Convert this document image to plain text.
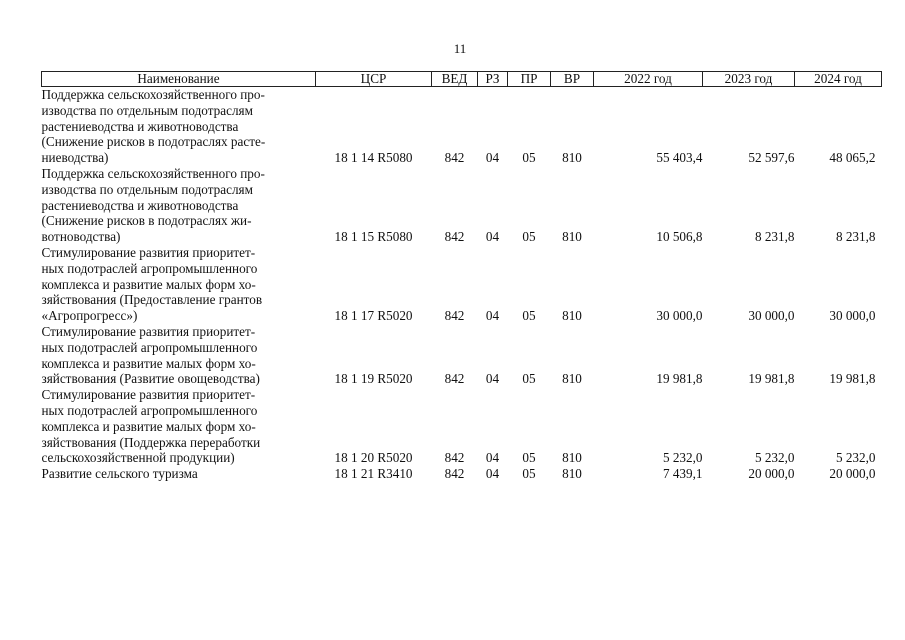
11
Наименование	ЦСР	ВЕД	РЗ	ПР	ВР	2022 год	2023 год	2024 год

Поддержка сельскохозяйственного про-
изводства по отдельным подотраслям
растениеводства и животноводства
(Снижение рисков в подотраслях расте-
ниеводства)	18 1 14 R5080	842	04	05	810	55 403,4	52 597,6	48 065,2

Поддержка сельскохозяйственного про-
изводства по отдельным подотраслям
растениеводства и животноводства
(Снижение рисков в подотраслях жи-
вотноводства)	18 1 15 R5080	842	04	05	810	10 506,8	8 231,8	8 231,8

Стимулирование развития приоритет-
ных подотраслей агропромышленного
комплекса и развитие малых форм хо-
зяйствования (Предоставление грантов
«Агропрогресс»)	18 1 17 R5020	842	04	05	810	30 000,0	30 000,0	30 000,0

Стимулирование развития приоритет-
ных подотраслей агропромышленного
комплекса и развитие малых форм хо-
зяйствования (Развитие овощеводства)	18 1 19 R5020	842	04	05	810	19 981,8	19 981,8	19 981,8

Стимулирование развития приоритет-
ных подотраслей агропромышленного
комплекса и развитие малых форм хо-
зяйствования (Поддержка переработки
сельскохозяйственной продукции)	18 1 20 R5020	842	04	05	810	5 232,0	5 232,0	5 232,0

Развитие сельского туризма	18 1 21 R3410	842	04	05	810	7 439,1	20 000,0	20 000,0
